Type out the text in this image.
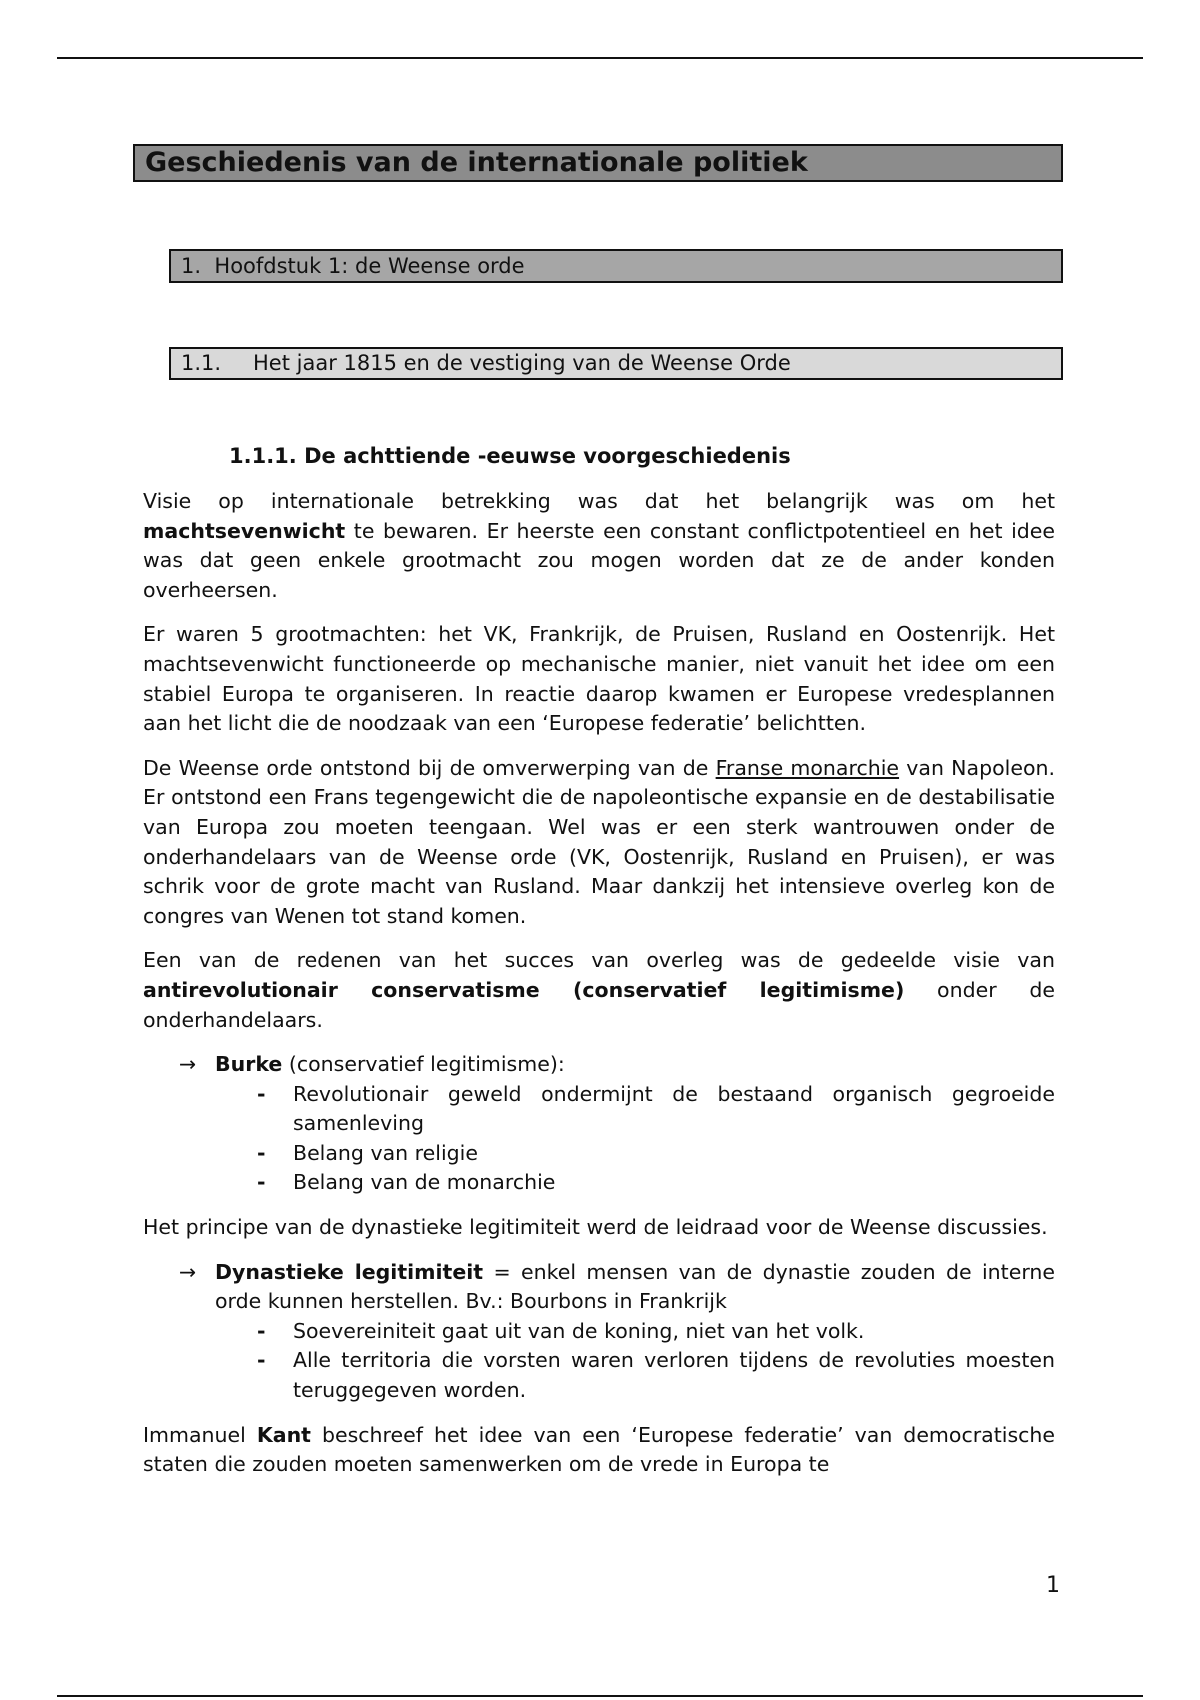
Geschiedenis van de internationale politiek
1. Hoofdstuk 1: de Weense orde
1.1. Het jaar 1815 en de vestiging van de Weense Orde
1.1.1. De achttiende -eeuwse voorgeschiedenis

Visie op internationale betrekking was dat het belangrijk was om het machtsevenwicht te bewaren. Er heerste een constant conflictpotentieel en het idee was dat geen enkele grootmacht zou mogen worden dat ze de ander konden overheersen.

Er waren 5 grootmachten: het VK, Frankrijk, de Pruisen, Rusland en Oostenrijk. Het machtsevenwicht functioneerde op mechanische manier, niet vanuit het idee om een stabiel Europa te organiseren. In reactie daarop kwamen er Europese vredesplannen aan het licht die de noodzaak van een ‘Europese federatie’ belichtten.

De Weense orde ontstond bij de omverwerping van de Franse monarchie van Napoleon. Er ontstond een Frans tegengewicht die de napoleontische expansie en de destabilisatie van Europa zou moeten teengaan. Wel was er een sterk wantrouwen onder de onderhandelaars van de Weense orde (VK, Oostenrijk, Rusland en Pruisen), er was schrik voor de grote macht van Rusland. Maar dankzij het intensieve overleg kon de congres van Wenen tot stand komen.

Een van de redenen van het succes van overleg was de gedeelde visie van antirevolutionair conservatisme (conservatief legitimisme) onder de onderhandelaars.

→ Burke (conservatief legitimisme):
- Revolutionair geweld ondermijnt de bestaand organisch gegroeide samenleving
- Belang van religie
- Belang van de monarchie

Het principe van de dynastieke legitimiteit werd de leidraad voor de Weense discussies.

→ Dynastieke legitimiteit = enkel mensen van de dynastie zouden de interne orde kunnen herstellen. Bv.: Bourbons in Frankrijk
- Soevereiniteit gaat uit van de koning, niet van het volk.
- Alle territoria die vorsten waren verloren tijdens de revoluties moesten teruggegeven worden.

Immanuel Kant beschreef het idee van een ‘Europese federatie’ van democratische staten die zouden moeten samenwerken om de vrede in Europa te

1
